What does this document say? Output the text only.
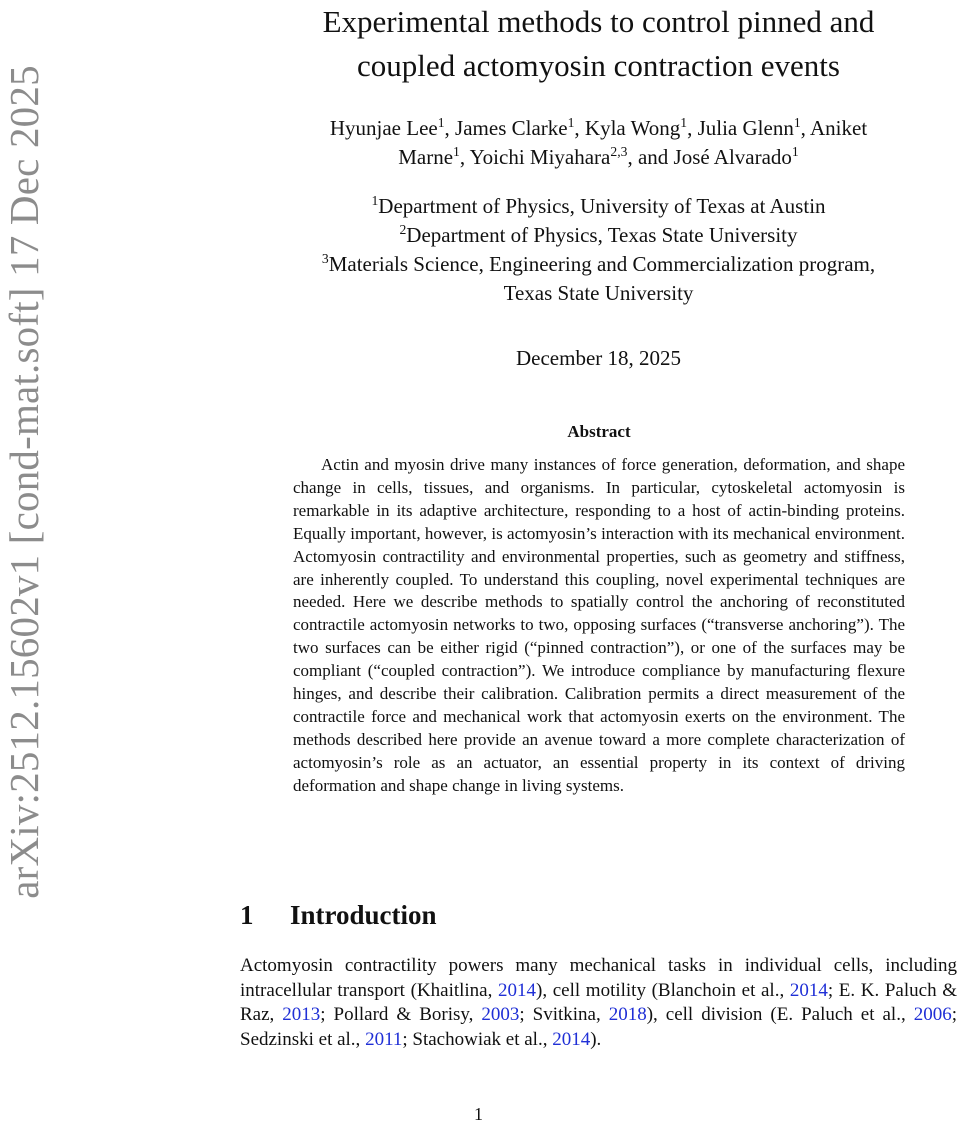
arXiv:2512.15602v1 [cond-mat.soft] 17 Dec 2025
Experimental methods to control pinned and
coupled actomyosin contraction events
Hyunjae Lee$^1$, James Clarke$^1$, Kyla Wong$^1$, Julia Glenn$^1$, Aniket
Marne$^1$, Yoichi Miyahara$^{2,3}$, and José Alvarado$^1$
$^1$Department of Physics, University of Texas at Austin
$^2$Department of Physics, Texas State University
$^3$Materials Science, Engineering and Commercialization program,
Texas State University
December 18, 2025
Abstract

Actin and myosin drive many instances of force generation, deformation, and shape change in cells, tissues, and organisms. In particular, cytoskeletal actomyosin is remarkable in its adaptive architecture, responding to a host of actin-binding proteins. Equally important, however, is actomyosin’s interaction with its mechanical environment. Actomyosin contractility and environmental properties, such as geometry and stiffness, are inherently coupled. To understand this coupling, novel experimental techniques are needed. Here we describe methods to spatially control the anchoring of reconstituted contractile actomyosin networks to two, opposing surfaces (“transverse anchoring”). The two surfaces can be either rigid (“pinned contraction”), or one of the surfaces may be compliant (“coupled contraction”). We introduce compliance by manufacturing flexure hinges, and describe their calibration. Calibration permits a direct measurement of the contractile force and mechanical work that actomyosin exerts on the environment. The methods described here provide an avenue toward a more complete characterization of actomyosin’s role as an actuator, an essential property in its context of driving deformation and shape change in living systems.

1 Introduction

Actomyosin contractility powers many mechanical tasks in individual cells, including intracellular transport (Khaitlina, 2014), cell motility (Blanchoin et al., 2014; E. K. Paluch & Raz, 2013; Pollard & Borisy, 2003; Svitkina, 2018), cell division (E. Paluch et al., 2006; Sedzinski et al., 2011; Stachowiak et al., 2014).

1
